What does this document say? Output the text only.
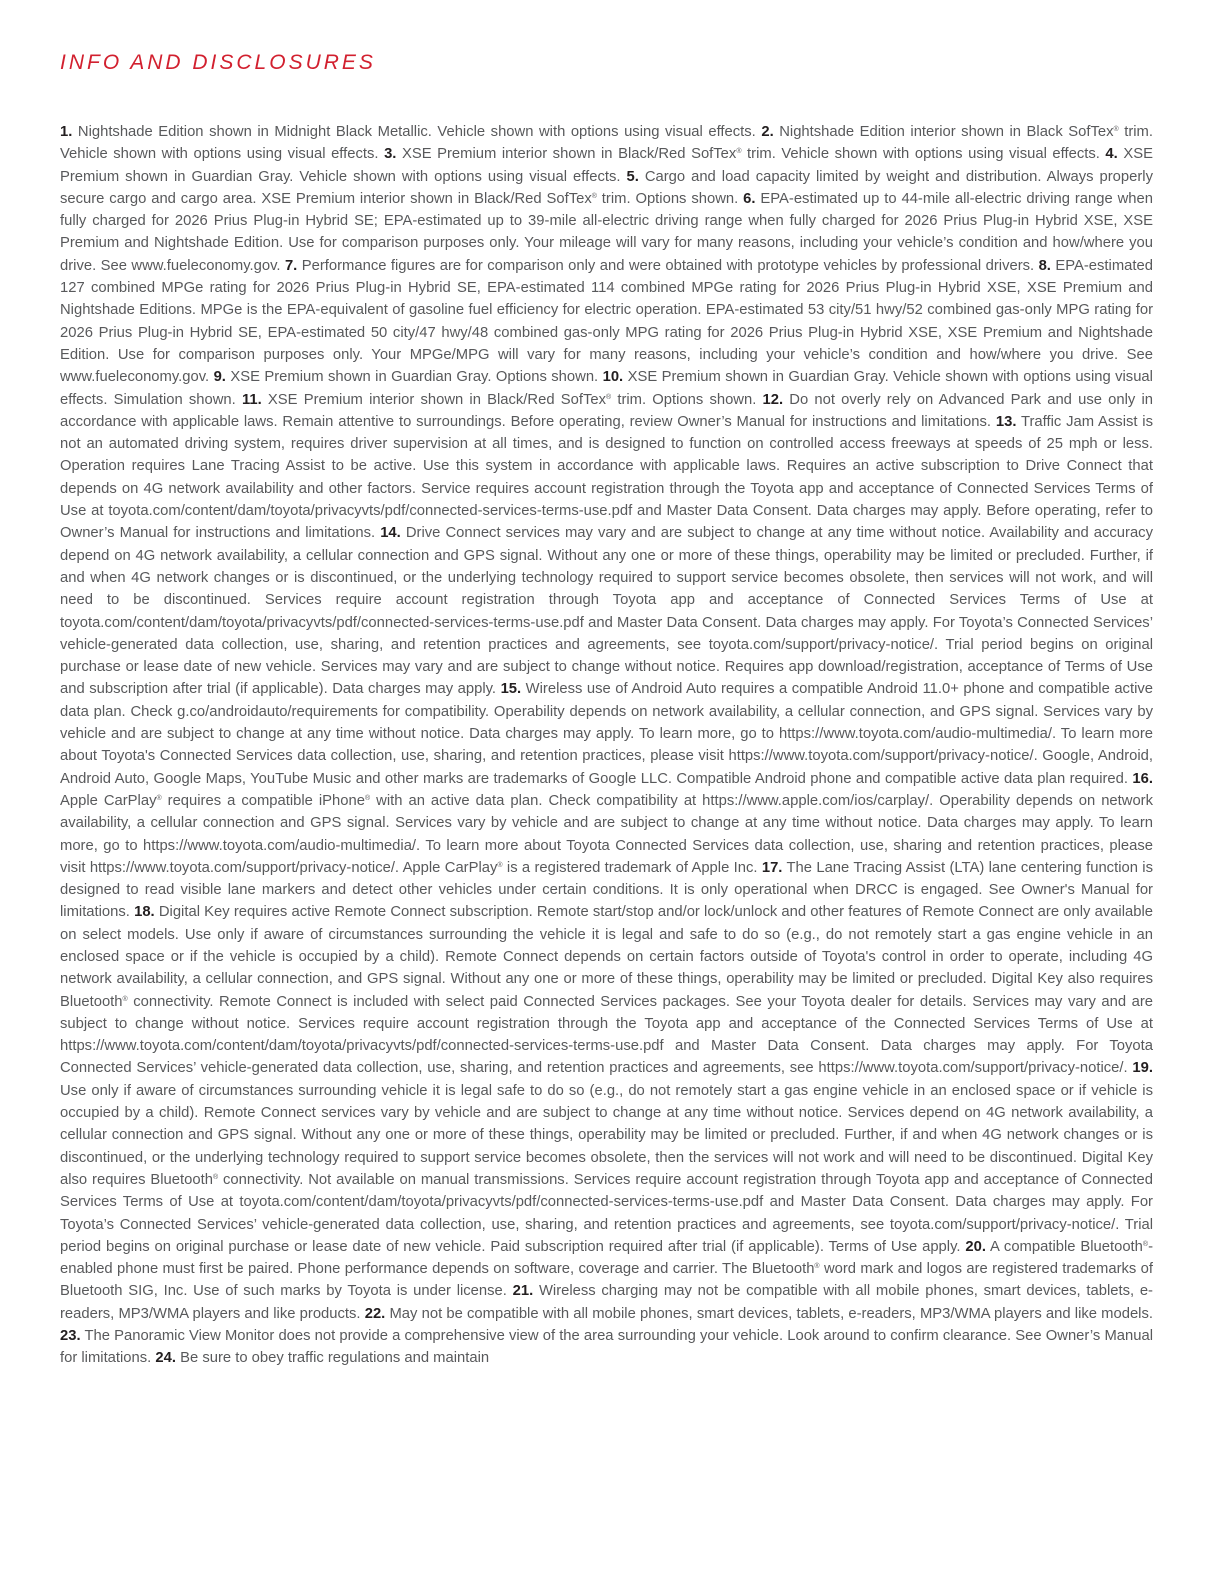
INFO AND DISCLOSURES

1. Nightshade Edition shown in Midnight Black Metallic. Vehicle shown with options using visual effects. 2. Nightshade Edition interior shown in Black SofTex® trim. Vehicle shown with options using visual effects. 3. XSE Premium interior shown in Black/Red SofTex® trim. Vehicle shown with options using visual effects. 4. XSE Premium shown in Guardian Gray. Vehicle shown with options using visual effects. 5. Cargo and load capacity limited by weight and distribution. Always properly secure cargo and cargo area. XSE Premium interior shown in Black/Red SofTex® trim. Options shown. 6. EPA-estimated up to 44-mile all-electric driving range when fully charged for 2026 Prius Plug-in Hybrid SE; EPA-estimated up to 39-mile all-electric driving range when fully charged for 2026 Prius Plug-in Hybrid XSE, XSE Premium and Nightshade Edition. Use for comparison purposes only. Your mileage will vary for many reasons, including your vehicle’s condition and how/where you drive. See www.fueleconomy.gov. 7. Performance figures are for comparison only and were obtained with prototype vehicles by professional drivers. 8. EPA-estimated 127 combined MPGe rating for 2026 Prius Plug-in Hybrid SE, EPA-estimated 114 combined MPGe rating for 2026 Prius Plug-in Hybrid XSE, XSE Premium and Nightshade Editions. MPGe is the EPA-equivalent of gasoline fuel efficiency for electric operation. EPA-estimated 53 city/51 hwy/52 combined gas-only MPG rating for 2026 Prius Plug-in Hybrid SE, EPA-estimated 50 city/47 hwy/48 combined gas-only MPG rating for 2026 Prius Plug-in Hybrid XSE, XSE Premium and Nightshade Edition. Use for comparison purposes only. Your MPGe/MPG will vary for many reasons, including your vehicle’s condition and how/where you drive. See www.fueleconomy.gov. 9. XSE Premium shown in Guardian Gray. Options shown. 10. XSE Premium shown in Guardian Gray. Vehicle shown with options using visual effects. Simulation shown. 11. XSE Premium interior shown in Black/Red SofTex® trim. Options shown. 12. Do not overly rely on Advanced Park and use only in accordance with applicable laws. Remain attentive to surroundings. Before operating, review Owner’s Manual for instructions and limitations. 13. Traffic Jam Assist is not an automated driving system, requires driver supervision at all times, and is designed to function on controlled access freeways at speeds of 25 mph or less. Operation requires Lane Tracing Assist to be active. Use this system in accordance with applicable laws. Requires an active subscription to Drive Connect that depends on 4G network availability and other factors. Service requires account registration through the Toyota app and acceptance of Connected Services Terms of Use at toyota.com/content/dam/toyota/privacyvts/pdf/connected-services-terms-use.pdf and Master Data Consent. Data charges may apply. Before operating, refer to Owner’s Manual for instructions and limitations. 14. Drive Connect services may vary and are subject to change at any time without notice. Availability and accuracy depend on 4G network availability, a cellular connection and GPS signal. Without any one or more of these things, operability may be limited or precluded. Further, if and when 4G network changes or is discontinued, or the underlying technology required to support service becomes obsolete, then services will not work, and will need to be discontinued. Services require account registration through Toyota app and acceptance of Connected Services Terms of Use at toyota.com/content/dam/toyota/privacyvts/pdf/connected-services-terms-use.pdf and Master Data Consent. Data charges may apply. For Toyota’s Connected Services’ vehicle-generated data collection, use, sharing, and retention practices and agreements, see toyota.com/support/privacy-notice/. Trial period begins on original purchase or lease date of new vehicle. Services may vary and are subject to change without notice. Requires app download/registration, acceptance of Terms of Use and subscription after trial (if applicable). Data charges may apply. 15. Wireless use of Android Auto requires a compatible Android 11.0+ phone and compatible active data plan. Check g.co/androidauto/requirements for compatibility. Operability depends on network availability, a cellular connection, and GPS signal. Services vary by vehicle and are subject to change at any time without notice. Data charges may apply. To learn more, go to https://www.toyota.com/audio-multimedia/. To learn more about Toyota's Connected Services data collection, use, sharing, and retention practices, please visit https://www.toyota.com/support/privacy-notice/. Google, Android, Android Auto, Google Maps, YouTube Music and other marks are trademarks of Google LLC. Compatible Android phone and compatible active data plan required. 16. Apple CarPlay® requires a compatible iPhone® with an active data plan. Check compatibility at https://www.apple.com/ios/carplay/. Operability depends on network availability, a cellular connection and GPS signal. Services vary by vehicle and are subject to change at any time without notice. Data charges may apply. To learn more, go to https://www.toyota.com/audio-multimedia/. To learn more about Toyota Connected Services data collection, use, sharing and retention practices, please visit https://www.toyota.com/support/privacy-notice/. Apple CarPlay® is a registered trademark of Apple Inc. 17. The Lane Tracing Assist (LTA) lane centering function is designed to read visible lane markers and detect other vehicles under certain conditions. It is only operational when DRCC is engaged. See Owner's Manual for limitations. 18. Digital Key requires active Remote Connect subscription. Remote start/stop and/or lock/unlock and other features of Remote Connect are only available on select models. Use only if aware of circumstances surrounding the vehicle it is legal and safe to do so (e.g., do not remotely start a gas engine vehicle in an enclosed space or if the vehicle is occupied by a child). Remote Connect depends on certain factors outside of Toyota's control in order to operate, including 4G network availability, a cellular connection, and GPS signal. Without any one or more of these things, operability may be limited or precluded. Digital Key also requires Bluetooth® connectivity. Remote Connect is included with select paid Connected Services packages. See your Toyota dealer for details. Services may vary and are subject to change without notice. Services require account registration through the Toyota app and acceptance of the Connected Services Terms of Use at https://www.toyota.com/content/dam/toyota/privacyvts/pdf/connected-services-terms-use.pdf and Master Data Consent. Data charges may apply. For Toyota Connected Services’ vehicle-generated data collection, use, sharing, and retention practices and agreements, see https://www.toyota.com/support/privacy-notice/. 19. Use only if aware of circumstances surrounding vehicle it is legal safe to do so (e.g., do not remotely start a gas engine vehicle in an enclosed space or if vehicle is occupied by a child). Remote Connect services vary by vehicle and are subject to change at any time without notice. Services depend on 4G network availability, a cellular connection and GPS signal. Without any one or more of these things, operability may be limited or precluded. Further, if and when 4G network changes or is discontinued, or the underlying technology required to support service becomes obsolete, then the services will not work and will need to be discontinued. Digital Key also requires Bluetooth® connectivity. Not available on manual transmissions. Services require account registration through Toyota app and acceptance of Connected Services Terms of Use at toyota.com/content/dam/toyota/privacyvts/pdf/connected-services-terms-use.pdf and Master Data Consent. Data charges may apply. For Toyota’s Connected Services’ vehicle-generated data collection, use, sharing, and retention practices and agreements, see toyota.com/support/privacy-notice/. Trial period begins on original purchase or lease date of new vehicle. Paid subscription required after trial (if applicable). Terms of Use apply. 20. A compatible Bluetooth®-enabled phone must first be paired. Phone performance depends on software, coverage and carrier. The Bluetooth® word mark and logos are registered trademarks of Bluetooth SIG, Inc. Use of such marks by Toyota is under license. 21. Wireless charging may not be compatible with all mobile phones, smart devices, tablets, e-readers, MP3/WMA players and like products. 22. May not be compatible with all mobile phones, smart devices, tablets, e-readers, MP3/WMA players and like models. 23. The Panoramic View Monitor does not provide a comprehensive view of the area surrounding your vehicle. Look around to confirm clearance. See Owner’s Manual for limitations. 24. Be sure to obey traffic regulations and maintain
